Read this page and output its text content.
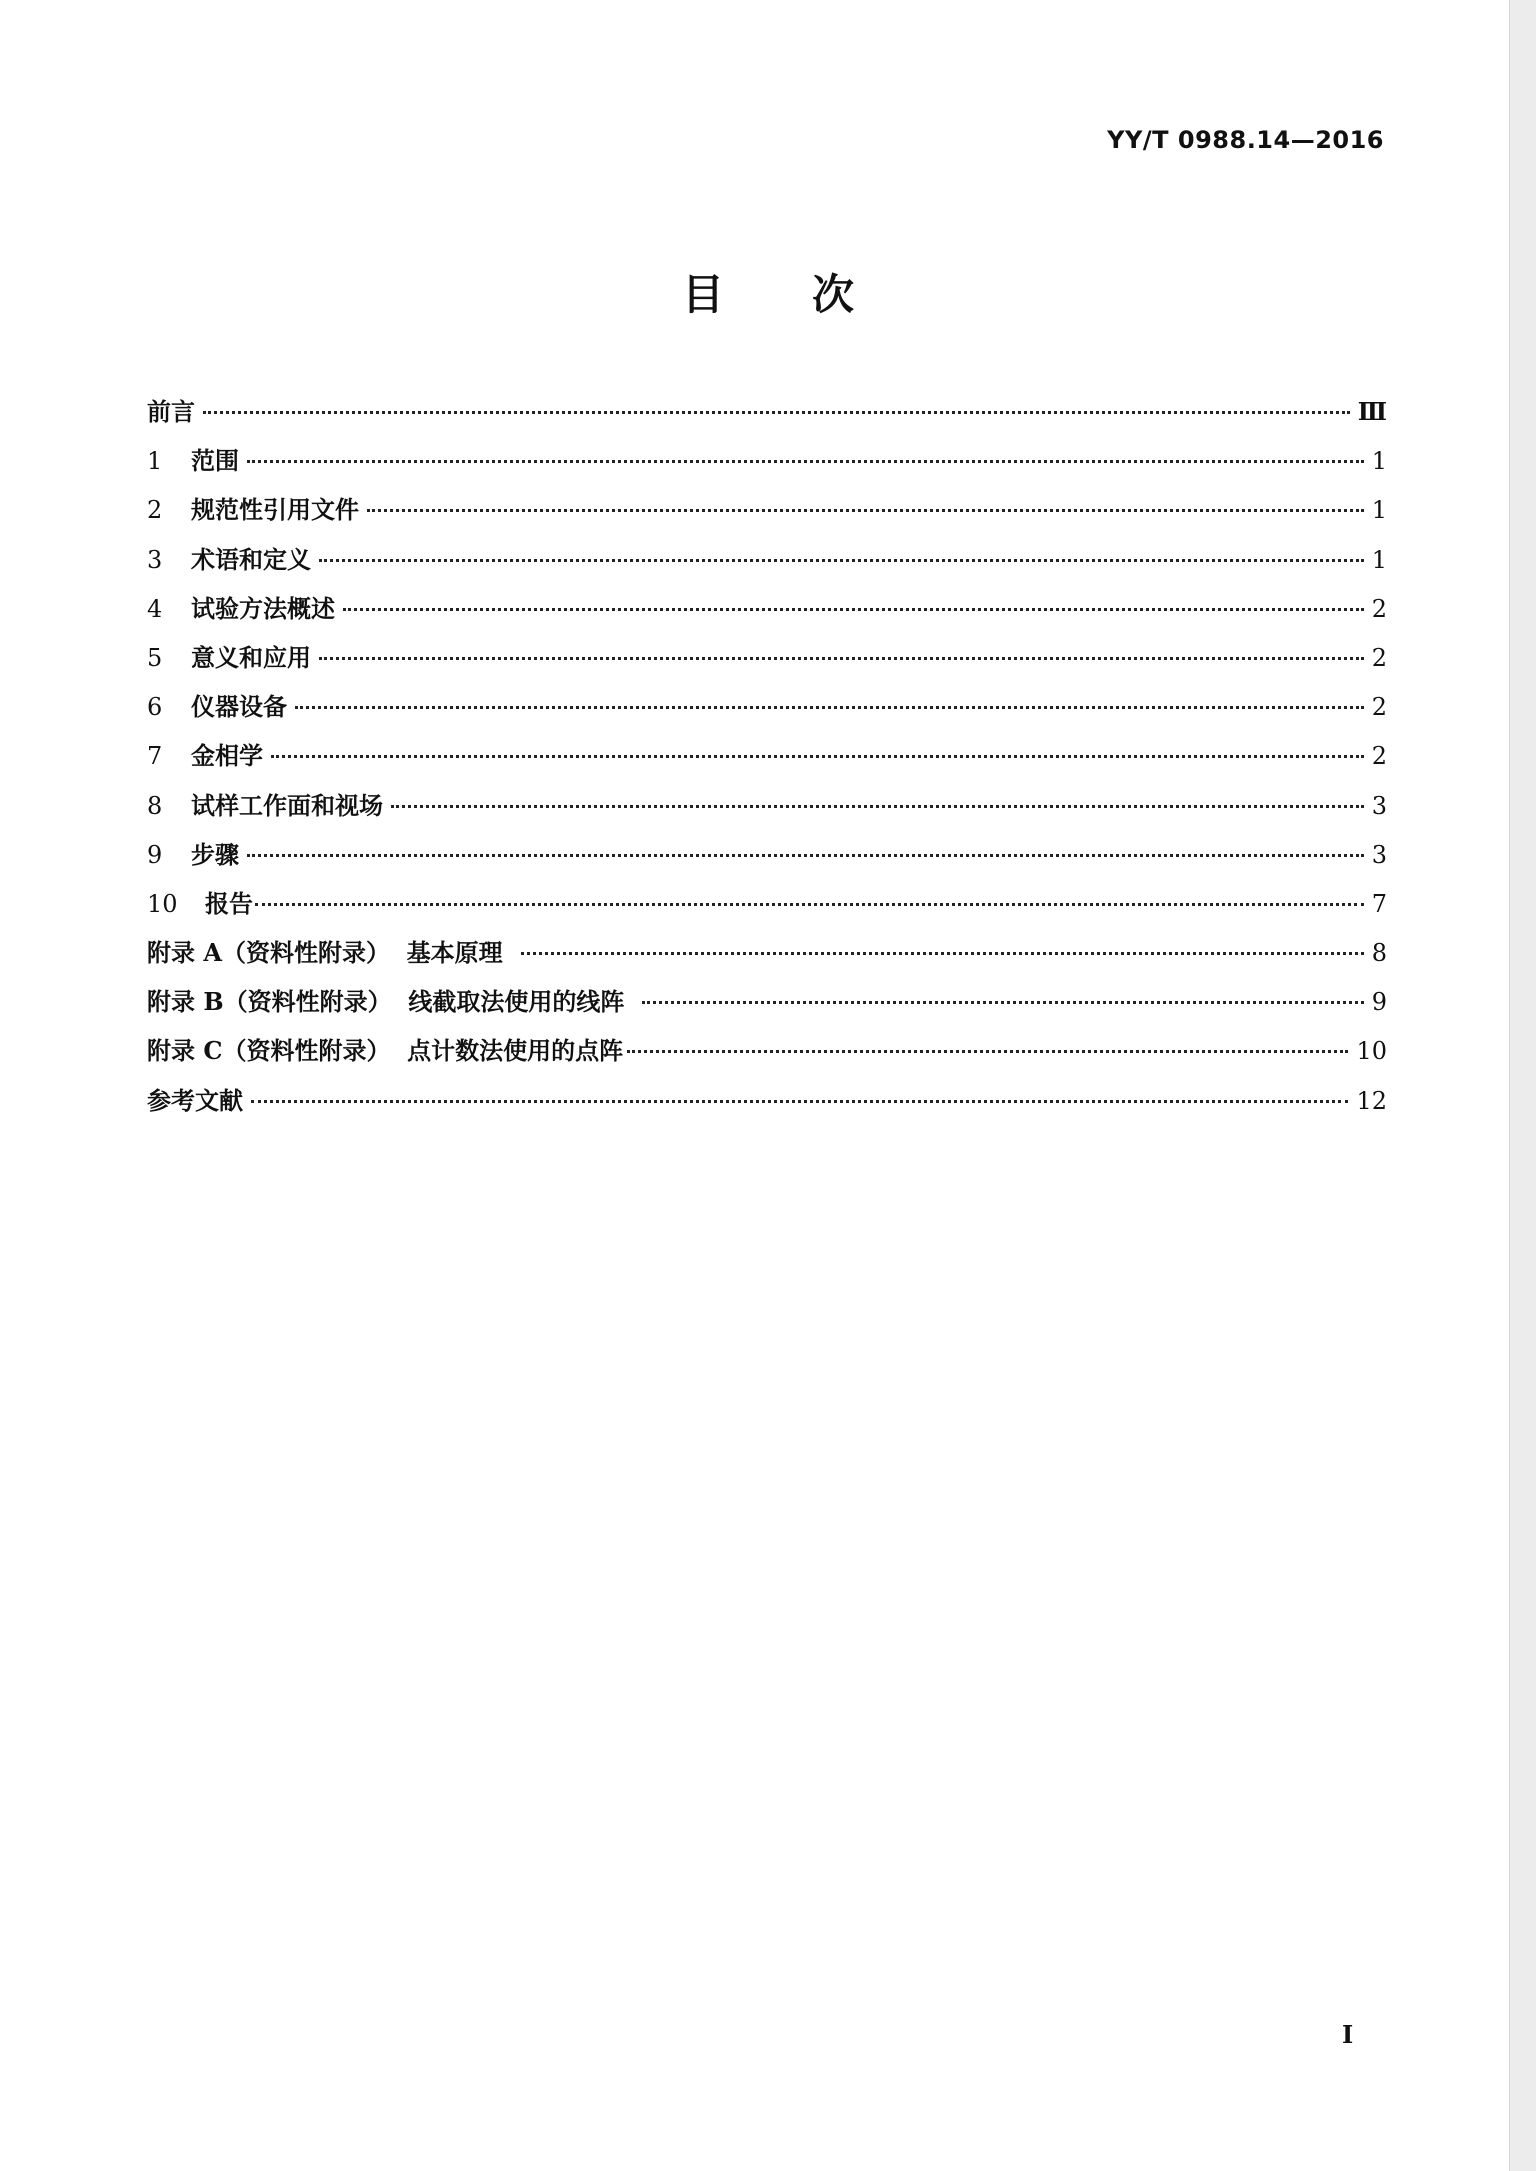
YY/T 0988.14—2016
目 次
前言	Ⅲ
1	范围	1
2	规范性引用文件	1
3	术语和定义	1
4	试验方法概述	2
5	意义和应用	2
6	仪器设备	2
7	金相学	2
8	试样工作面和视场	3
9	步骤	3
10	报告	7
附录 A（资料性附录）  基本原理	8
附录 B（资料性附录）  线截取法使用的线阵	9
附录 C（资料性附录）  点计数法使用的点阵	10
参考文献	12
I
